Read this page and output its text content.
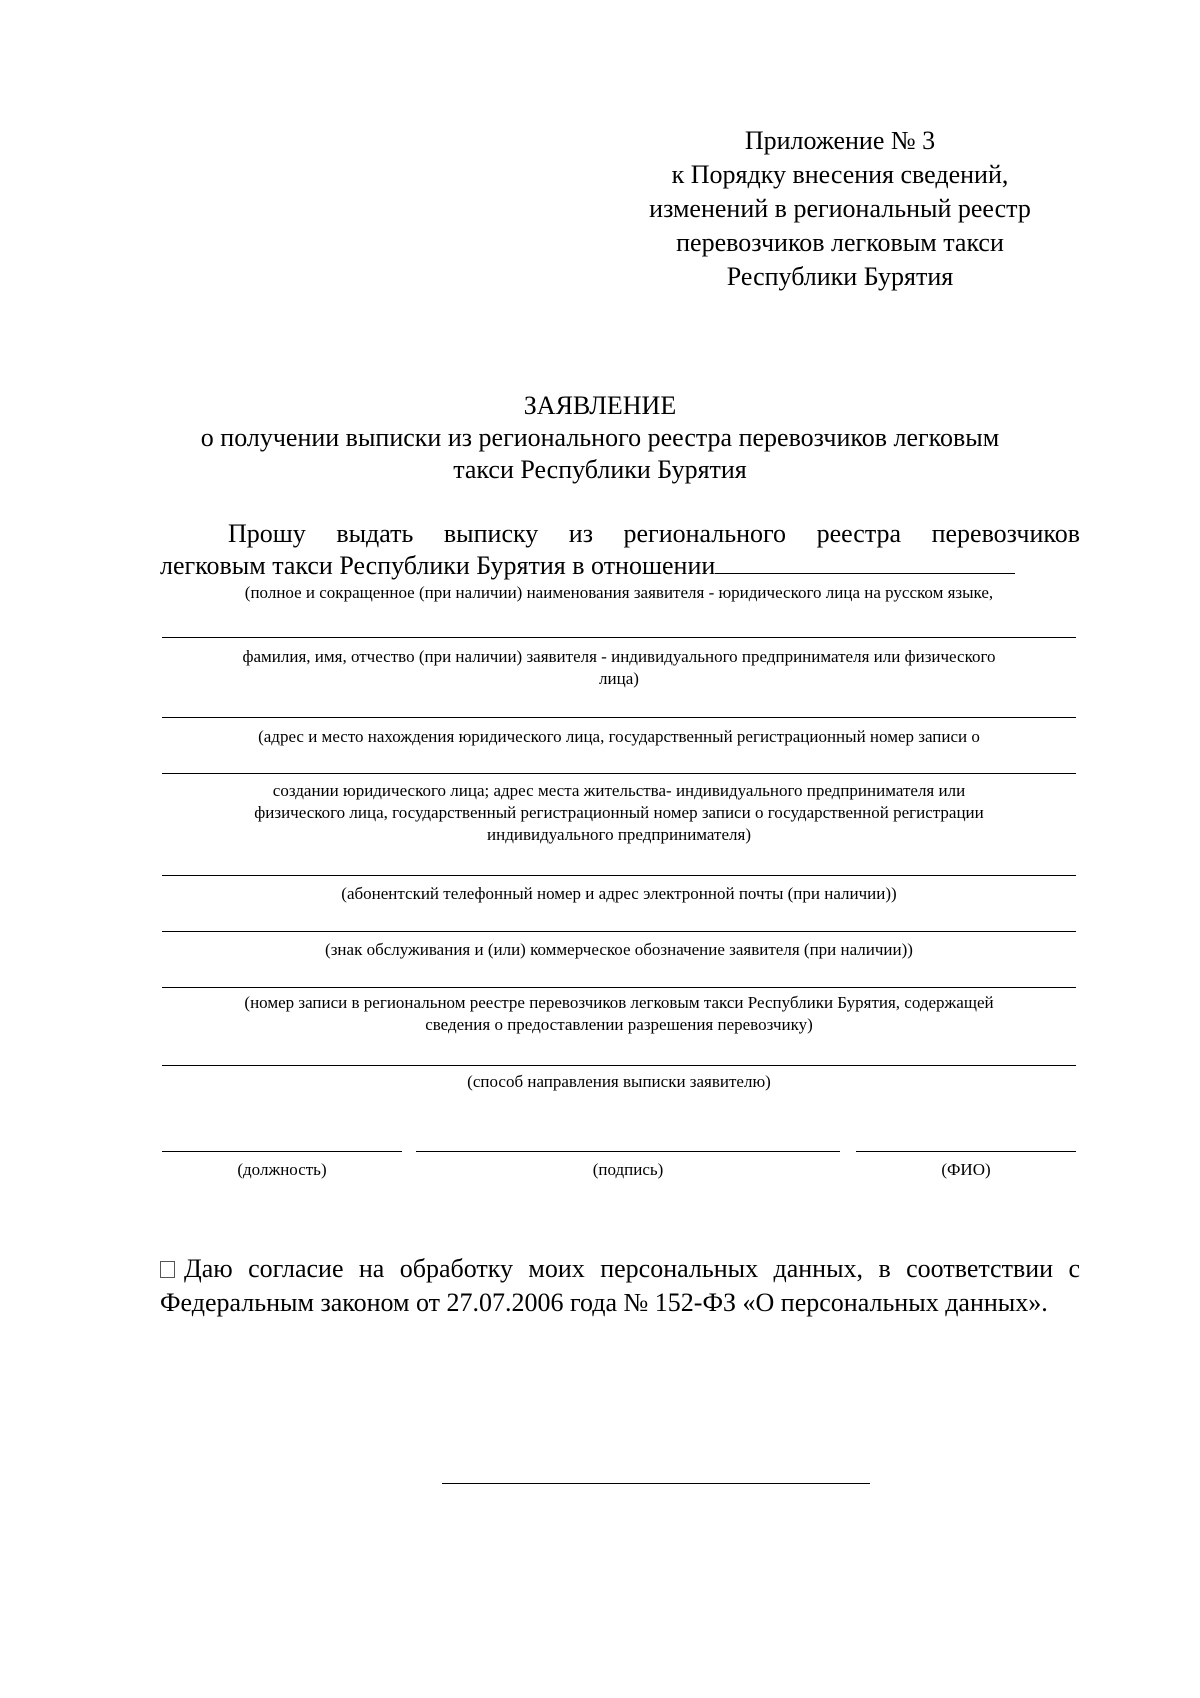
Приложение № 3
к Порядку внесения сведений,
изменений в региональный реестр
перевозчиков легковым такси
Республики Бурятия
ЗАЯВЛЕНИЕ
о получении выписки из регионального реестра перевозчиков легковым
такси Республики Бурятия
Прошу выдать выписку из регионального реестра перевозчиков
легковым такси Республики Бурятия в отношении
(полное и сокращенное (при наличии) наименования заявителя - юридического лица на русском языке,
фамилия, имя, отчество (при наличии) заявителя - индивидуального предпринимателя или физического
лица)
(адрес и место нахождения юридического лица, государственный регистрационный номер записи о
создании юридического лица; адрес места жительства- индивидуального предпринимателя или
физического лица, государственный регистрационный номер записи о государственной регистрации
индивидуального предпринимателя)
(абонентский телефонный номер и адрес электронной почты (при наличии))
(знак обслуживания и (или) коммерческое обозначение заявителя (при наличии))
(номер записи в региональном реестре перевозчиков легковым такси Республики Бурятия, содержащей
сведения о предоставлении разрешения перевозчику)
(способ направления выписки заявителю)
(должность)	(подпись)	(ФИО)
Даю согласие на обработку моих персональных данных, в соответствии с Федеральным законом от 27.07.2006 года № 152-ФЗ «О персональных данных».
